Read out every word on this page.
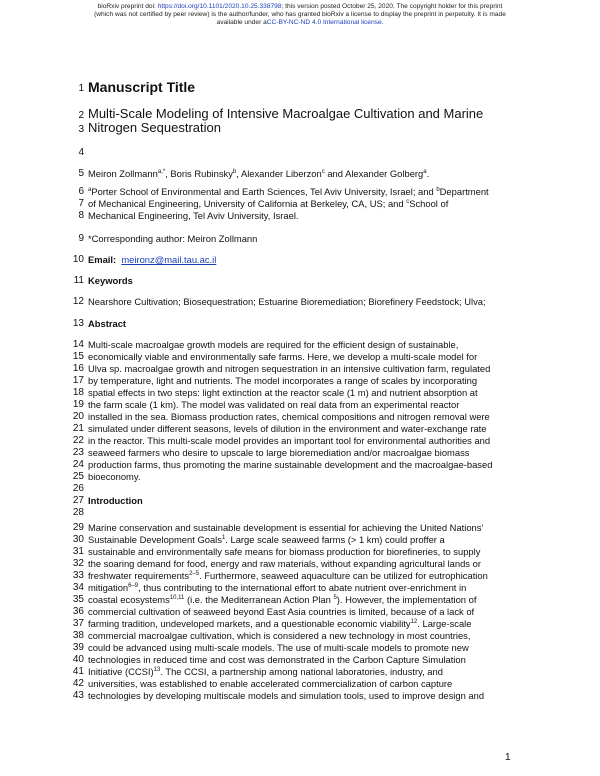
bioRxiv preprint doi: https://doi.org/10.1101/2020.10.25.338798; this version posted October 25, 2020. The copyright holder for this preprint
(which was not certified by peer review) is the author/funder, who has granted bioRxiv a license to display the preprint in perpetuity. It is made
available under aCC-BY-NC-ND 4.0 International license.
1
2
3
4
5
6
7
8
9
10
11
12
13
14
15
16
17
18
19
20
21
22
23
24
25
26
27
28
29
30
31
32
33
34
35
36
37
38
39
40
41
42
43
Manuscript Title
Multi-Scale Modeling of Intensive Macroalgae Cultivation and Marine
Nitrogen Sequestration
Meiron Zollmann$^{a,*}$, Boris Rubinsky$^b$, Alexander Liberzon$^c$ and Alexander Golberg$^a$.
$^a$Porter School of Environmental and Earth Sciences, Tel Aviv University, Israel; and $^b$Department
of Mechanical Engineering, University of California at Berkeley, CA, US; and $^c$School of
Mechanical Engineering, Tel Aviv University, Israel.
*Corresponding author: Meiron Zollmann
Email: meironz@mail.tau.ac.il
Keywords
Nearshore Cultivation; Biosequestration; Estuarine Bioremediation; Biorefinery Feedstock; Ulva;
Abstract
Multi-scale macroalgae growth models are required for the efficient design of sustainable,
economically viable and environmentally safe farms. Here, we develop a multi-scale model for
Ulva sp. macroalgae growth and nitrogen sequestration in an intensive cultivation farm, regulated
by temperature, light and nutrients. The model incorporates a range of scales by incorporating
spatial effects in two steps: light extinction at the reactor scale (1 m) and nutrient absorption at
the farm scale (1 km). The model was validated on real data from an experimental reactor
installed in the sea. Biomass production rates, chemical compositions and nitrogen removal were
simulated under different seasons, levels of dilution in the environment and water-exchange rate
in the reactor. This multi-scale model provides an important tool for environmental authorities and
seaweed farmers who desire to upscale to large bioremediation and/or macroalgae biomass
production farms, thus promoting the marine sustainable development and the macroalgae-based
bioeconomy.
Introduction
Marine conservation and sustainable development is essential for achieving the United Nations'
Sustainable Development Goals$^1$. Large scale seaweed farms (> 1 km) could proffer a
sustainable and environmentally safe means for biomass production for biorefineries, to supply
the soaring demand for food, energy and raw materials, without expanding agricultural lands or
freshwater requirements$^{2-5}$. Furthermore, seaweed aquaculture can be utilized for eutrophication
mitigation$^{6-9}$, thus contributing to the international effort to abate nutrient over-enrichment in
coastal ecosystems$^{10,11}$ (i.e. the Mediterranean Action Plan $^5$). However, the implementation of
commercial cultivation of seaweed beyond East Asia countries is limited, because of a lack of
farming tradition, undeveloped markets, and a questionable economic viability$^{12}$. Large-scale
commercial macroalgae cultivation, which is considered a new technology in most countries,
could be advanced using multi-scale models. The use of multi-scale models to promote new
technologies in reduced time and cost was demonstrated in the Carbon Capture Simulation
Initiative (CCSI)$^{13}$. The CCSI, a partnership among national laboratories, industry, and
universities, was established to enable accelerated commercialization of carbon capture
technologies by developing multiscale models and simulation tools, used to improve design and
1
